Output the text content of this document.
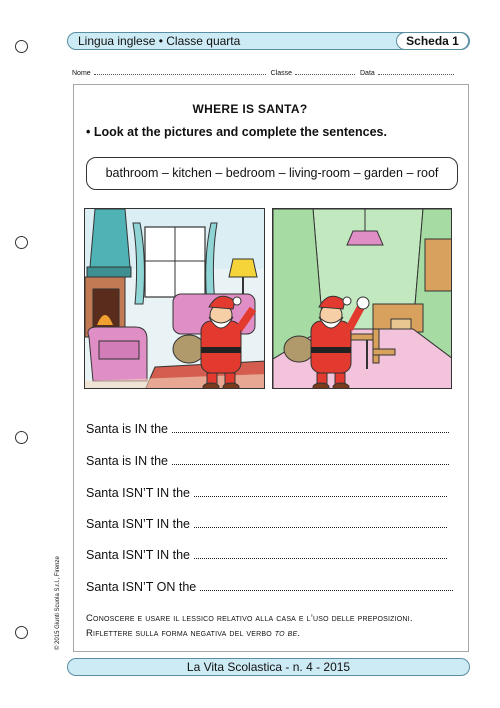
Lingua inglese • Classe quarta	Scheda 1
Nome	Classe	Data
WHERE IS SANTA?
• Look at the pictures and complete the sentences.
bathroom – kitchen – bedroom – living-room – garden – roof
Santa is IN the
Santa is IN the
Santa ISN’T IN the
Santa ISN’T IN the
Santa ISN’T IN the
Santa ISN’T ON the
Conoscere e usare il lessico relativo alla casa e l’uso delle preposizioni.
Riflettere sulla forma negativa del verbo to be.
© 2015 Giunti Scuola S.r.l., Firenze
La Vita Scolastica - n. 4 - 2015
